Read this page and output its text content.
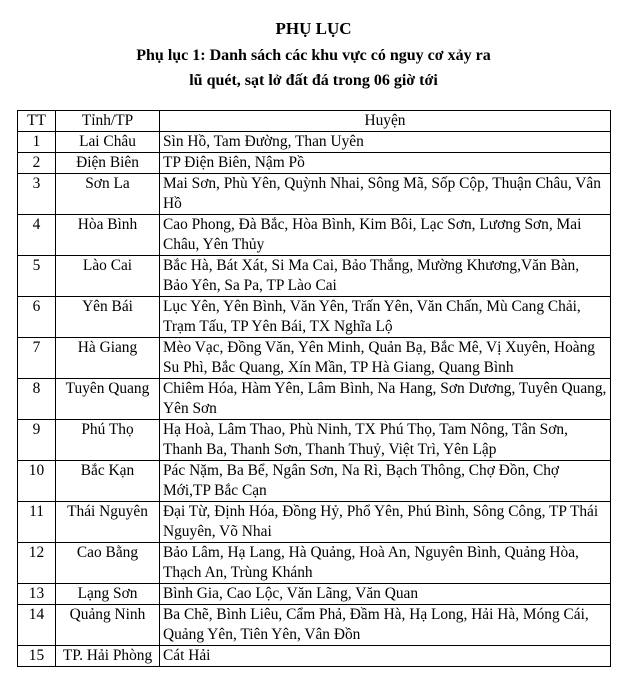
PHỤ LỤC
Phụ lục 1: Danh sách các khu vực có nguy cơ xảy ra
lũ quét, sạt lở đất đá trong 06 giờ tới
TT	Tỉnh/TP	Huyện
1	Lai Châu	Sìn Hồ, Tam Đường, Than Uyên
2	Điện Biên	TP Điện Biên, Nậm Pồ
3	Sơn La	Mai Sơn, Phù Yên, Quỳnh Nhai, Sông Mã, Sốp Cộp, Thuận Châu, Vân Hồ
4	Hòa Bình	Cao Phong, Đà Bắc, Hòa Bình, Kim Bôi, Lạc Sơn, Lương Sơn, Mai Châu, Yên Thủy
5	Lào Cai	Bắc Hà, Bát Xát, Si Ma Cai, Bảo Thắng, Mường Khương,Văn Bàn, Bảo Yên, Sa Pa, TP Lào Cai
6	Yên Bái	Lục Yên, Yên Bình, Văn Yên, Trấn Yên, Văn Chấn, Mù Cang Chải, Trạm Tấu, TP Yên Bái, TX Nghĩa Lộ
7	Hà Giang	Mèo Vạc, Đồng Văn, Yên Minh, Quản Bạ, Bắc Mê, Vị Xuyên, Hoàng Su Phì, Bắc Quang, Xín Mần, TP Hà Giang, Quang Bình
8	Tuyên Quang	Chiêm Hóa, Hàm Yên, Lâm Bình, Na Hang, Sơn Dương, Tuyên Quang, Yên Sơn
9	Phú Thọ	Hạ Hoà, Lâm Thao, Phù Ninh, TX Phú Thọ, Tam Nông, Tân Sơn, Thanh Ba, Thanh Sơn, Thanh Thuỷ, Việt Trì, Yên Lập
10	Bắc Kạn	Pác Nặm, Ba Bể, Ngân Sơn, Na Rì, Bạch Thông, Chợ Đồn, Chợ Mới,TP Bắc Cạn
11	Thái Nguyên	Đại Từ, Định Hóa, Đồng Hỷ, Phổ Yên, Phú Bình, Sông Công, TP Thái Nguyên, Võ Nhai
12	Cao Bằng	Bảo Lâm, Hạ Lang, Hà Quảng, Hoà An, Nguyên Bình, Quảng Hòa, Thạch An, Trùng Khánh
13	Lạng Sơn	Bình Gia, Cao Lộc, Văn Lãng, Văn Quan
14	Quảng Ninh	Ba Chẽ, Bình Liêu, Cẩm Phả, Đầm Hà, Hạ Long, Hải Hà, Móng Cái, Quảng Yên, Tiên Yên, Vân Đồn
15	TP. Hải Phòng	Cát Hải
